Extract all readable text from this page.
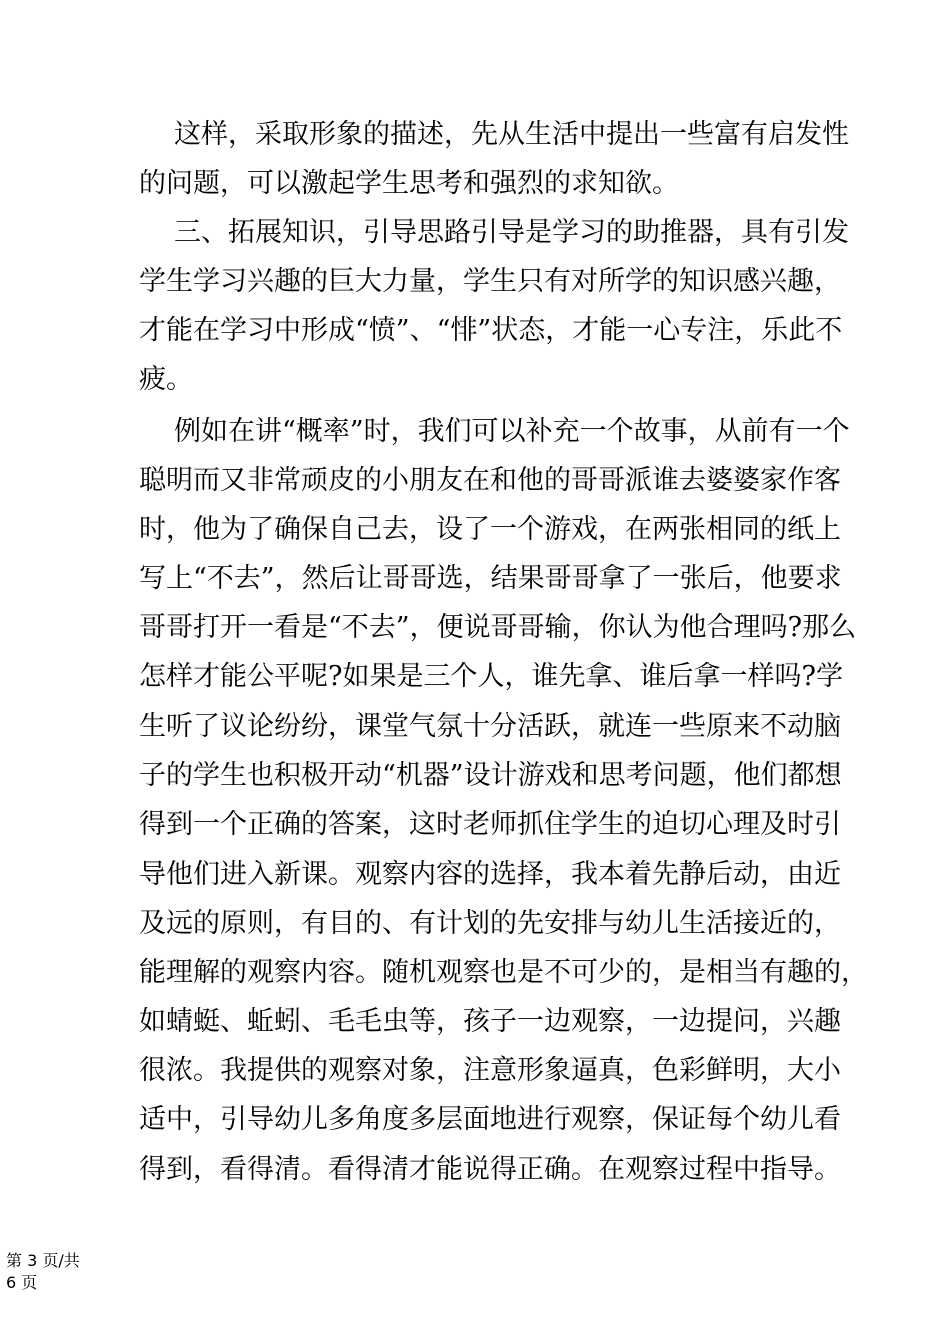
这样，采取形象的描述，先从生活中提出一些富有启发性
的问题，可以激起学生思考和强烈的求知欲。
三、拓展知识，引导思路引导是学习的助推器，具有引发
学生学习兴趣的巨大力量，学生只有对所学的知识感兴趣，
才能在学习中形成“愤”、“悱”状态，才能一心专注，乐此不
疲。
例如在讲“概率”时，我们可以补充一个故事，从前有一个
聪明而又非常顽皮的小朋友在和他的哥哥派谁去婆婆家作客
时，他为了确保自己去，设了一个游戏，在两张相同的纸上
写上“不去”，然后让哥哥选，结果哥哥拿了一张后，他要求
哥哥打开一看是“不去”，便说哥哥输，你认为他合理吗?那么
怎样才能公平呢?如果是三个人，谁先拿、谁后拿一样吗?学
生听了议论纷纷，课堂气氛十分活跃，就连一些原来不动脑
子的学生也积极开动“机器”设计游戏和思考问题，他们都想
得到一个正确的答案，这时老师抓住学生的迫切心理及时引
导他们进入新课。观察内容的选择，我本着先静后动，由近
及远的原则，有目的、有计划的先安排与幼儿生活接近的，
能理解的观察内容。随机观察也是不可少的，是相当有趣的，
如蜻蜓、蚯蚓、毛毛虫等，孩子一边观察，一边提问，兴趣
很浓。我提供的观察对象，注意形象逼真，色彩鲜明，大小
适中，引导幼儿多角度多层面地进行观察，保证每个幼儿看
得到，看得清。看得清才能说得正确。在观察过程中指导。
第 3 页/共
6 页
